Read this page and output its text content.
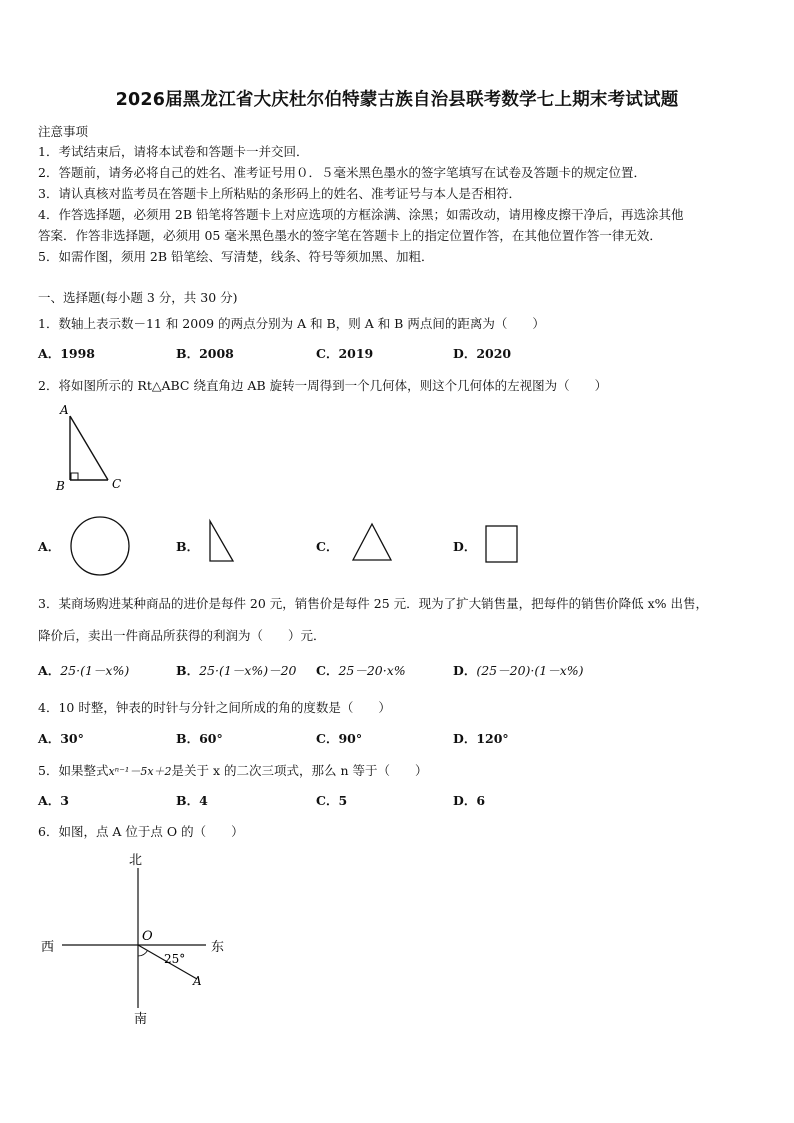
2026届黑龙江省大庆杜尔伯特蒙古族自治县联考数学七上期末考试试题
注意事项
1．考试结束后，请将本试卷和答题卡一并交回．
2．答题前，请务必将自己的姓名、准考证号用０．５毫米黑色墨水的签字笔填写在试卷及答题卡的规定位置．
3．请认真核对监考员在答题卡上所粘贴的条形码上的姓名、准考证号与本人是否相符．
4．作答选择题，必须用 2B 铅笔将答题卡上对应选项的方框涂满、涂黑；如需改动，请用橡皮擦干净后，再选涂其他
答案．作答非选择题，必须用 05 毫米黑色墨水的签字笔在答题卡上的指定位置作答，在其他位置作答一律无效．
5．如需作图，须用 2B 铅笔绘、写清楚，线条、符号等须加黑、加粗．
一、选择题(每小题 3 分，共 30 分)
1．数轴上表示数－11 和 2009 的两点分别为 A 和 B，则 A 和 B 两点间的距离为（　　）
A．1998	B．2008	C．2019	D．2020
2．将如图所示的 Rt△ABC 绕直角边 AB 旋转一周得到一个几何体，则这个几何体的左视图为（　　）
A
B	C
A．	B．	C．	D．
3．某商场购进某种商品的进价是每件 20 元，销售价是每件 25 元．现为了扩大销售量，把每件的销售价降低 x% 出售，
降价后，卖出一件商品所获得的利润为（　　）元．
A．25·(1－x%)	B．25·(1－x%)－20 C．25－20·x%	D．(25－20)·(1－x%)
4．10 时整，钟表的时针与分针之间所成的角的度数是（　　）
A．30°	B．60°	C．90°	D．120°
5．如果整式xⁿ⁻¹－5x＋2是关于 x 的二次三项式，那么 n 等于（　　）
A．3	B．4	C．5	D．6
6．如图，点 A 位于点 O 的（　　）
北
南
西	东
O
25°
A
